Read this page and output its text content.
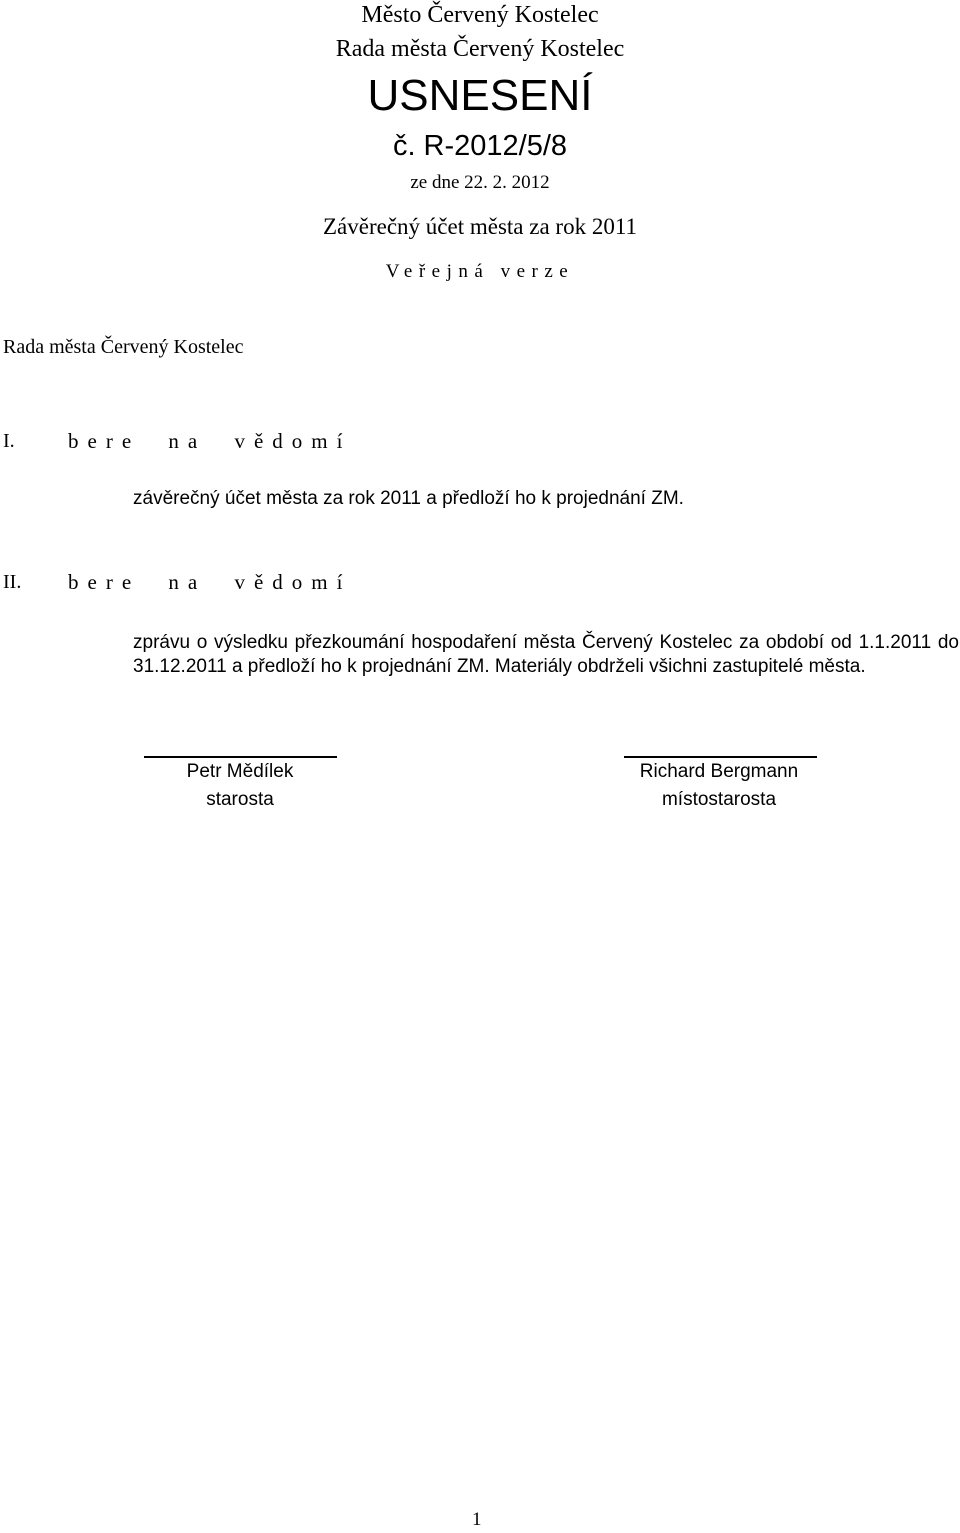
Město Červený Kostelec
Rada města Červený Kostelec
USNESENÍ
č. R-2012/5/8
ze dne 22. 2. 2012
Závěrečný účet města za rok 2011
Veřejná verze
Rada města Červený Kostelec
I.	bere na vědomí
závěrečný účet města za rok 2011 a předloží ho k projednání ZM.
II. bere na vědomí
zprávu o výsledku přezkoumání hospodaření města Červený Kostelec za období od 1.1.2011 do 31.12.2011 a předloží ho k projednání ZM. Materiály obdrželi všichni zastupitelé města.
Petr Mědílek
starosta
Richard Bergmann
místostarosta
1
